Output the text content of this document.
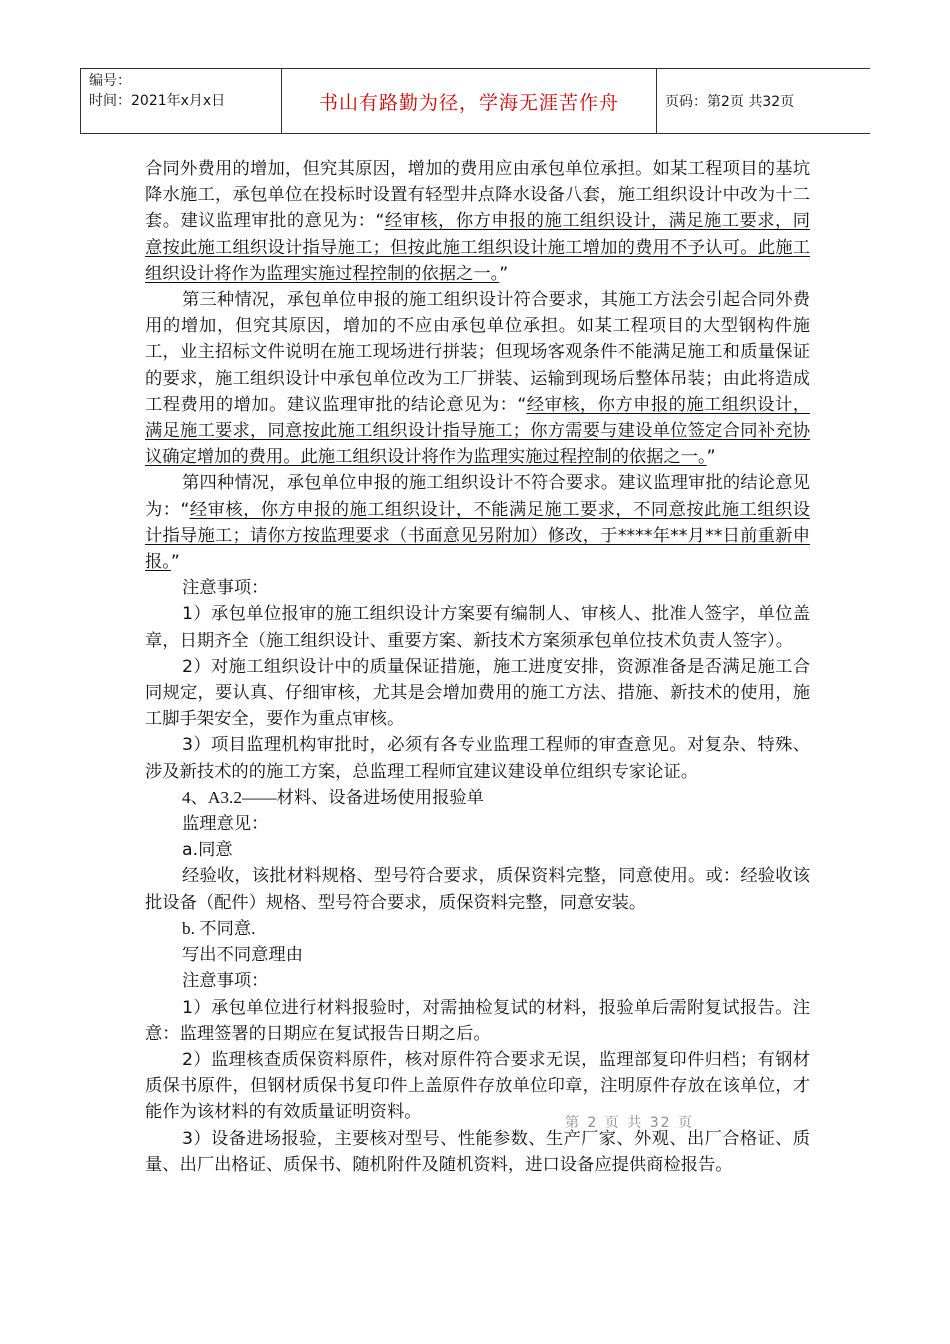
编号：
时间：2021年x月x日	书山有路勤为径，学海无涯苦作舟	页码：第2页 共32页

合同外费用的增加，但究其原因，增加的费用应由承包单位承担。如某工程项目的基坑降水施工，承包单位在投标时设置有轻型井点降水设备八套，施工组织设计中改为十二套。建议监理审批的意见为：“经审核，你方申报的施工组织设计，满足施工要求，同意按此施工组织设计指导施工；但按此施工组织设计施工增加的费用不予认可。此施工组织设计将作为监理实施过程控制的依据之一。”

第三种情况，承包单位申报的施工组织设计符合要求，其施工方法会引起合同外费用的增加，但究其原因，增加的不应由承包单位承担。如某工程项目的大型钢构件施工，业主招标文件说明在施工现场进行拼装；但现场客观条件不能满足施工和质量保证的要求，施工组织设计中承包单位改为工厂拼装、运输到现场后整体吊装；由此将造成工程费用的增加。建议监理审批的结论意见为：“经审核，你方申报的施工组织设计，满足施工要求，同意按此施工组织设计指导施工；你方需要与建设单位签定合同补充协议确定增加的费用。此施工组织设计将作为监理实施过程控制的依据之一。”

第四种情况，承包单位申报的施工组织设计不符合要求。建议监理审批的结论意见为：“经审核，你方申报的施工组织设计，不能满足施工要求，不同意按此施工组织设计指导施工；请你方按监理要求（书面意见另附加）修改，于****年**月**日前重新申报。”

注意事项：

1）承包单位报审的施工组织设计方案要有编制人、审核人、批准人签字，单位盖章，日期齐全（施工组织设计、重要方案、新技术方案须承包单位技术负责人签字）。

2）对施工组织设计中的质量保证措施，施工进度安排，资源准备是否满足施工合同规定，要认真、仔细审核，尤其是会增加费用的施工方法、措施、新技术的使用，施工脚手架安全，要作为重点审核。

3）项目监理机构审批时，必须有各专业监理工程师的审查意见。对复杂、特殊、涉及新技术的的施工方案，总监理工程师宜建议建设单位组织专家论证。

4、A3.2——材料、设备进场使用报验单

监理意见：

a.同意

经验收，该批材料规格、型号符合要求，质保资料完整，同意使用。或：经验收该批设备（配件）规格、型号符合要求，质保资料完整，同意安装。

b. 不同意.

写出不同意理由

注意事项：

1）承包单位进行材料报验时，对需抽检复试的材料，报验单后需附复试报告。注意：监理签署的日期应在复试报告日期之后。

2）监理核查质保资料原件，核对原件符合要求无误，监理部复印件归档；有钢材质保书原件，但钢材质保书复印件上盖原件存放单位印章，注明原件存放在该单位，才能作为该材料的有效质量证明资料。

3）设备进场报验，主要核对型号、性能参数、生产厂家、外观、出厂合格证、质量、出厂出格证、质保书、随机附件及随机资料，进口设备应提供商检报告。

第 2 页 共 32 页
